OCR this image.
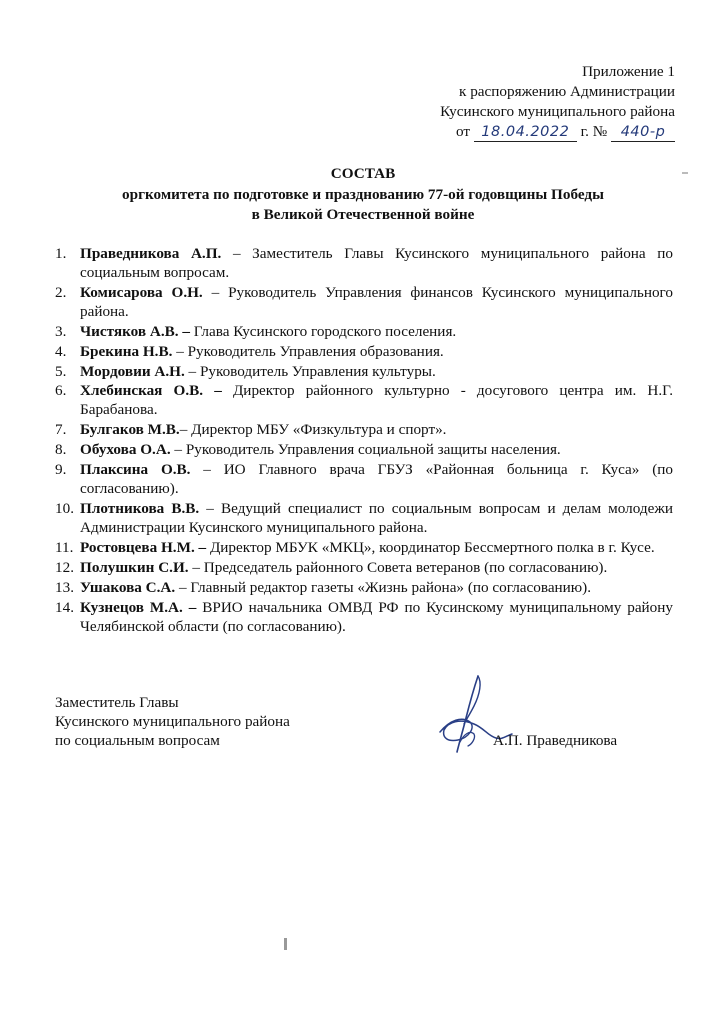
Приложение 1
к распоряжению Администрации
Кусинского муниципального района
от 18.04.2022 г. № 440-р
СОСТАВ
оргкомитета по подготовке и празднованию 77-ой годовщины Победы
в Великой Отечественной войне
1. Праведникова А.П. – Заместитель Главы Кусинского муниципального района по социальным вопросам.
2. Комисарова О.Н. – Руководитель Управления финансов Кусинского муниципального района.
3. Чистяков А.В. – Глава Кусинского городского поселения.
4. Брекина Н.В. – Руководитель Управления образования.
5. Мордовии А.Н. – Руководитель Управления культуры.
6. Хлебинская О.В. – Директор районного культурно - досугового центра им. Н.Г. Барабанова.
7. Булгаков М.В.– Директор МБУ «Физкультура и спорт».
8. Обухова О.А. – Руководитель Управления социальной защиты населения.
9. Плаксина О.В. – ИО Главного врача ГБУЗ «Районная больница г. Куса» (по согласованию).
10. Плотникова В.В. – Ведущий специалист по социальным вопросам и делам молодежи Администрации Кусинского муниципального района.
11. Ростовцева Н.М. – Директор МБУК «МКЦ», координатор Бессмертного полка в г. Кусе.
12. Полушкин С.И. – Председатель районного Совета ветеранов (по согласованию).
13. Ушакова С.А. – Главный редактор газеты «Жизнь района» (по согласованию).
14. Кузнецов М.А. – ВРИО начальника ОМВД РФ по Кусинскому муниципальному району Челябинской области (по согласованию).
Заместитель Главы
Кусинского муниципального района
по социальным вопросам	А.П. Праведникова
